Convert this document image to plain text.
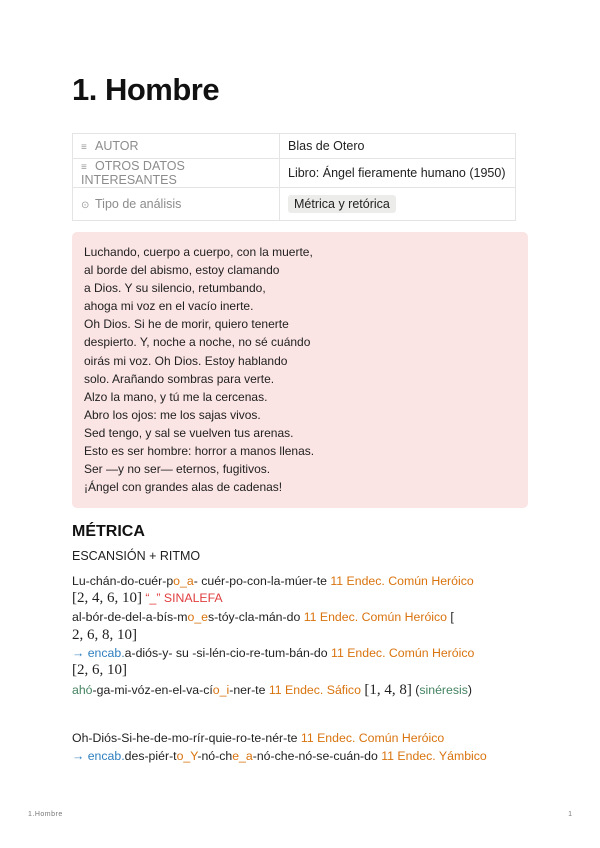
1. Hombre
≡ AUTOR	Blas de Otero
≡ OTROS DATOS INTERESANTES	Libro: Ángel fieramente humano (1950)
⊙ Tipo de análisis	Métrica y retórica
Luchando, cuerpo a cuerpo, con la muerte,
al borde del abismo, estoy clamando
a Dios. Y su silencio, retumbando,
ahoga mi voz en el vacío inerte.
Oh Dios. Si he de morir, quiero tenerte
despierto. Y, noche a noche, no sé cuándo
oirás mi voz. Oh Dios. Estoy hablando
solo. Arañando sombras para verte.
Alzo la mano, y tú me la cercenas.
Abro los ojos: me los sajas vivos.
Sed tengo, y sal se vuelven tus arenas.
Esto es ser hombre: horror a manos llenas.
Ser —y no ser— eternos, fugitivos.
¡Ángel con grandes alas de cadenas!
MÉTRICA
ESCANSIÓN + RITMO
Lu-chán-do-cuér-po_a- cuér-po-con-la-múer-te 11 Endec. Común Heróico
[2, 4, 6, 10] “_” SINALEFA
al-bór-de-del-a-bís-mo_es-tóy-cla-mán-do 11 Endec. Común Heróico [
2, 6, 8, 10]
→ encab.a-diós-y- su -si-lén-cio-re-tum-bán-do 11 Endec. Común Heróico
[2, 6, 10]
ahó-ga-mi-vóz-en-el-va-cío_i-ner-te 11 Endec. Sáfico [1, 4, 8] (sinéresis)
Oh-Diós-Si-he-de-mo-rír-quie-ro-te-nér-te 11 Endec. Común Heróico
→ encab.des-piér-to_Y-nó-che_a-nó-che-nó-se-cuán-do 11 Endec. Yámbico
1.Hombre	1
